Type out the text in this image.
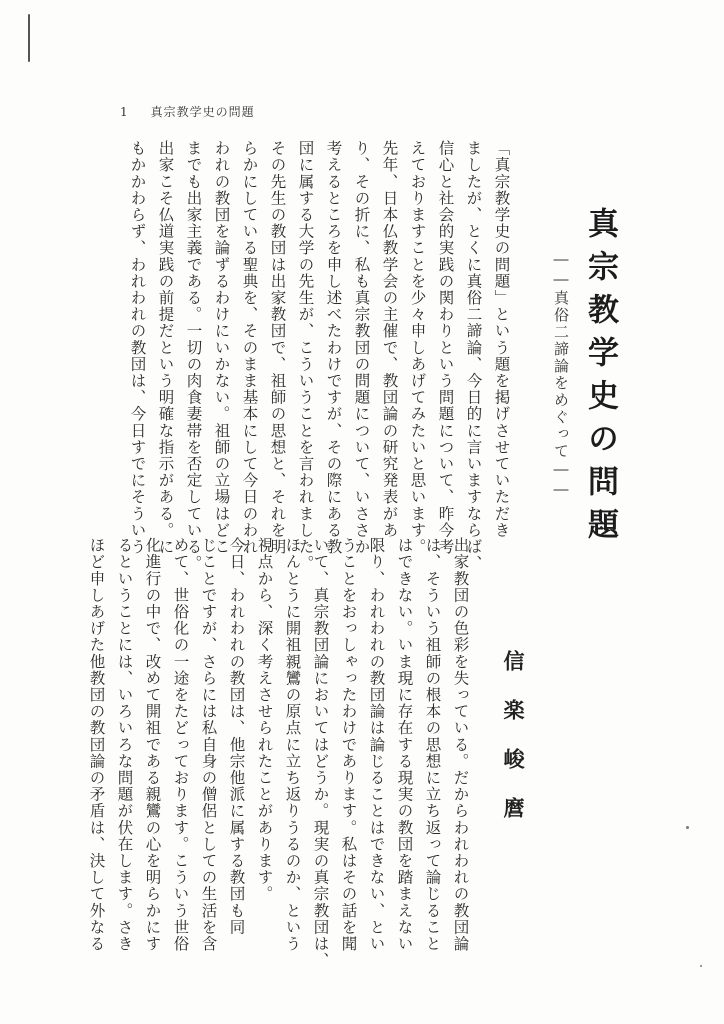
1 真宗教学史の問題
真宗教学史の問題
――真俗二諦論をめぐって――
信楽峻麿
「真宗教学史の問題」という題を掲げさせていただき
ましたが、とくに真俗二諦論、今日的に言いますならば、
信心と社会的実践の関わりという問題について、昨今考
えておりますことを少々申しあげてみたいと思います。
先年、日本仏教学会の主催で、教団論の研究発表があ
り、その折に、私も真宗教団の問題について、いささか
考えるところを申し述べたわけですが、その際にある教
団に属する大学の先生が、こういうことを言われました。
その先生の教団は出家教団で、祖師の思想と、それを明
らかにしている聖典を、そのまま基本にして今日のわれ
われの教団を論ずるわけにいかない。祖師の立場はどこ
までも出家主義である。一切の肉食妻帯を否定している。
出家こそ仏道実践の前提だという明確な指示がある。に
もかかわらず、われわれの教団は、今日すでにそういう
出家教団の色彩を失っている。だからわれわれの教団論
は、そういう祖師の根本の思想に立ち返って論じること
はできない。いま現に存在する現実の教団を踏まえない
限り、われわれの教団論は論じることはできない、とい
うことをおっしゃったわけであります。私はその話を聞
いて、真宗教団論においてはどうか。現実の真宗教団は、
ほんとうに開祖親鸞の原点に立ち返りうるのか、という
視点から、深く考えさせられたことがあります。
今日、われわれの教団は、他宗他派に属する教団も同
じことですが、さらには私自身の僧侶としての生活を含
めて、世俗化の一途をたどっております。こういう世俗
化進行の中で、改めて開祖である親鸞の心を明らかにす
るということには、いろいろな問題が伏在します。さき
ほど申しあげた他教団の教団論の矛盾は、決して外なる
